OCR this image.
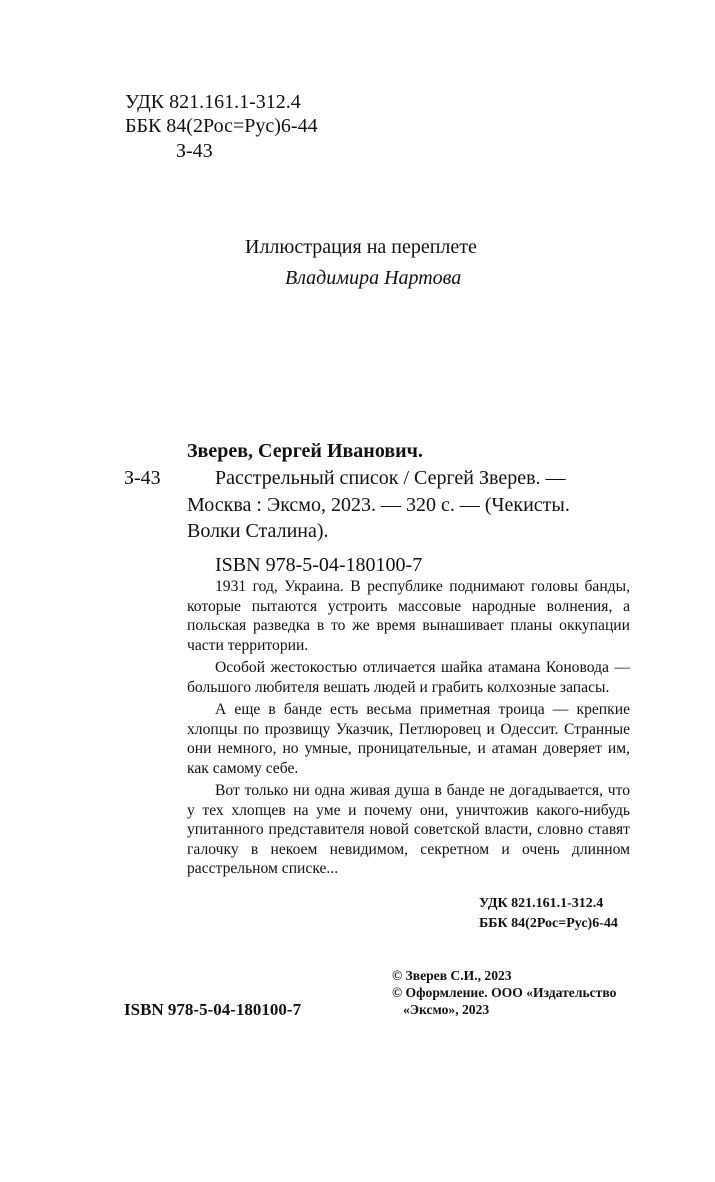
УДК 821.161.1-312.4
ББК 84(2Рос=Рус)6-44
З-43
Иллюстрация на переплете
Владимира Нартова
Зверев, Сергей Иванович.
З-43	Расстрельный список / Сергей Зверев. —
Москва : Эксмо, 2023. — 320 с. — (Чекисты.
Волки Сталина).
ISBN 978-5-04-180100-7

1931 год, Украина. В республике поднимают головы банды, которые пытаются устроить массовые народные волнения, а польская разведка в то же время вынашивает планы оккупации части территории.

Особой жестокостью отличается шайка атамана Коновода — большого любителя вешать людей и грабить колхозные запасы.

А еще в банде есть весьма приметная троица — крепкие хлопцы по прозвищу Указчик, Петлюровец и Одессит. Странные они немного, но умные, проницательные, и атаман доверяет им, как самому себе.

Вот только ни одна живая душа в банде не догадывается, что у тех хлопцев на уме и почему они, уничтожив какого-нибудь упитанного представителя новой советской власти, словно ставят галочку в некоем невидимом, секретном и очень длинном расстрельном списке...

УДК 821.161.1-312.4
ББК 84(2Рос=Рус)6-44
© Зверев С.И., 2023
© Оформление. ООО «Издательство
«Эксмо», 2023
ISBN 978-5-04-180100-7
